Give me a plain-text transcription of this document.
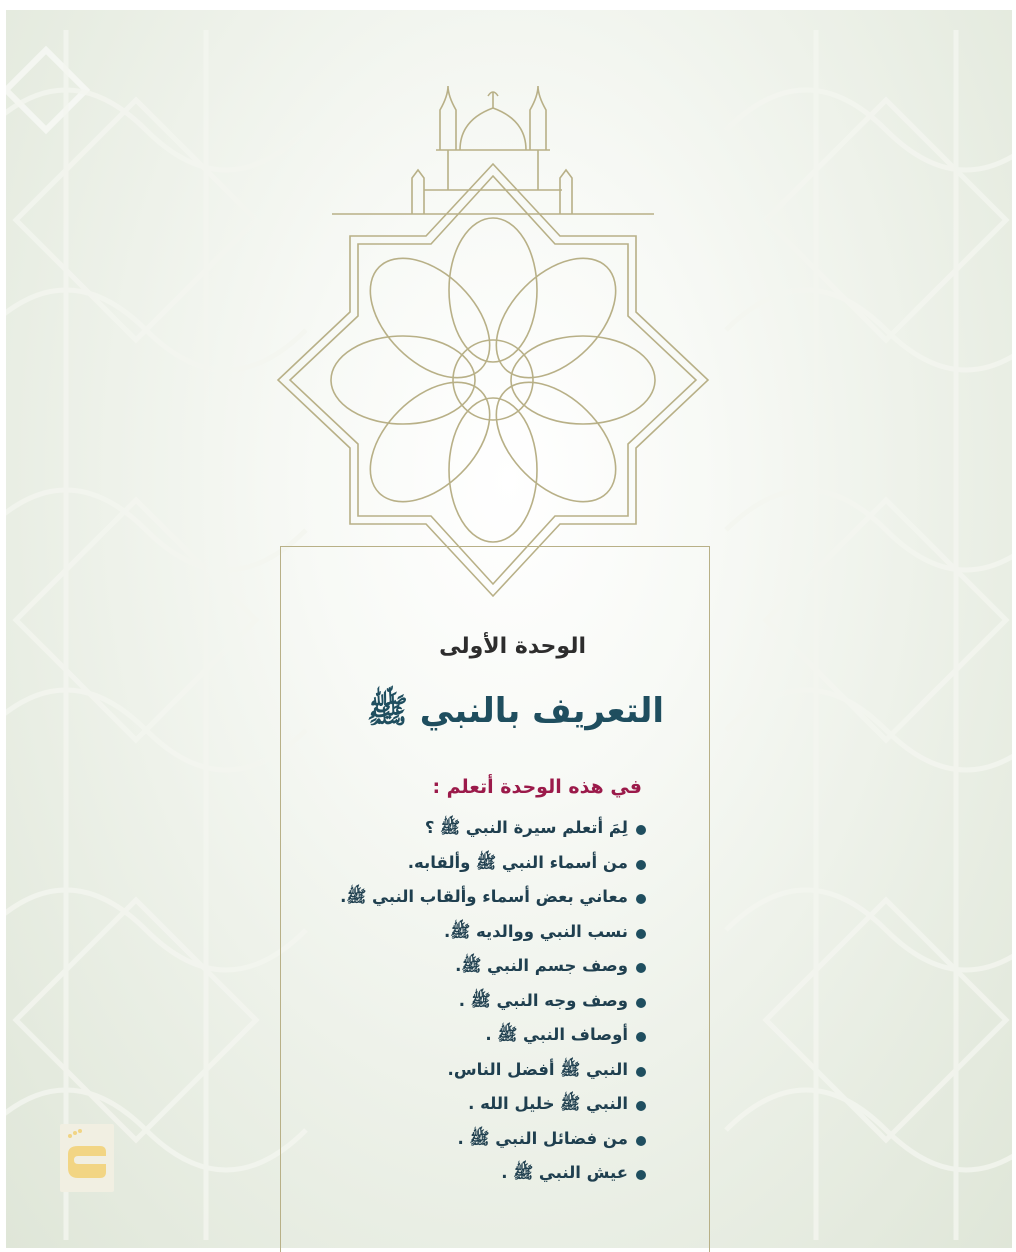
الوحدة الأولى
التعريف بالنبي ﷺ
في هذه الوحدة أتعلم :
لِمَ أتعلم سيرة النبي ﷺ ؟
من أسماء النبي ﷺ وألقابه.
معاني بعض أسماء وألقاب النبي ﷺ.
نسب النبي ووالديه ﷺ.
وصف جسم النبي ﷺ.
وصف وجه النبي ﷺ .
أوصاف النبي ﷺ .
النبي ﷺ أفضل الناس.
النبي ﷺ خليل الله .
من فضائل النبي ﷺ .
عيش النبي ﷺ .
